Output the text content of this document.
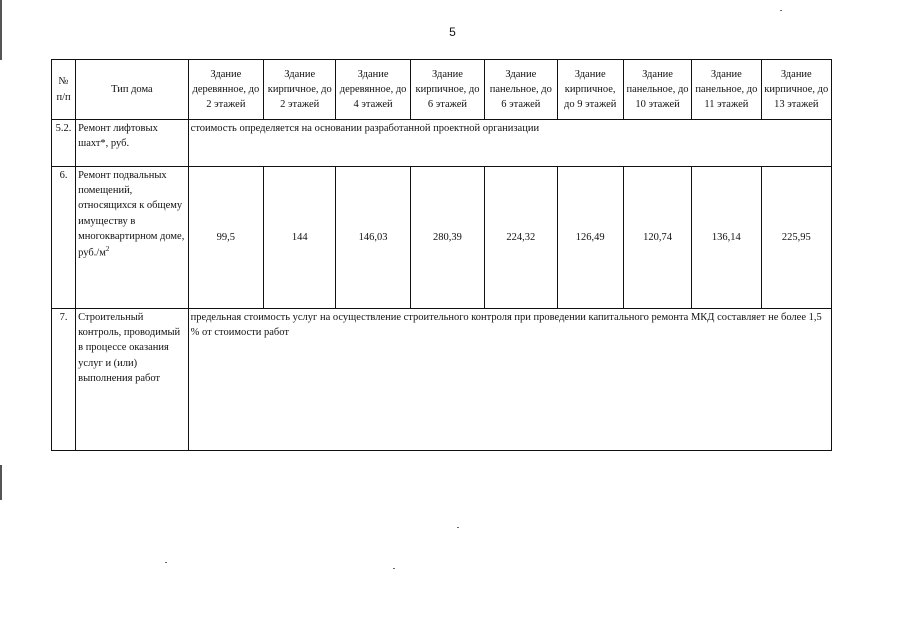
5
№ п/п	Тип дома	Здание деревянное, до 2 этажей	Здание кирпичное, до 2 этажей	Здание деревянное, до 4 этажей	Здание кирпичное, до 6 этажей	Здание панельное, до 6 этажей	Здание кирпичное, до 9 этажей	Здание панельное, до 10 этажей	Здание панельное, до 11 этажей	Здание кирпичное, до 13 этажей
5.2.	Ремонт лифтовых шахт*, руб.	стоимость определяется на основании разработанной проектной организации								
6.	Ремонт подвальных помещений, относящихся к общему имуществу в многоквартирном доме, $руб./м^2$	99,5	144	146,03	280,39	224,32	126,49	120,74	136,14	225,95
7.	Строительный контроль, проводимый в процессе оказания услуг и (или) выполнения работ	предельная стоимость услуг на осуществление строительного контроля при проведении капитального ремонта МКД составляет не более 1,5 % от стоимости работ								
